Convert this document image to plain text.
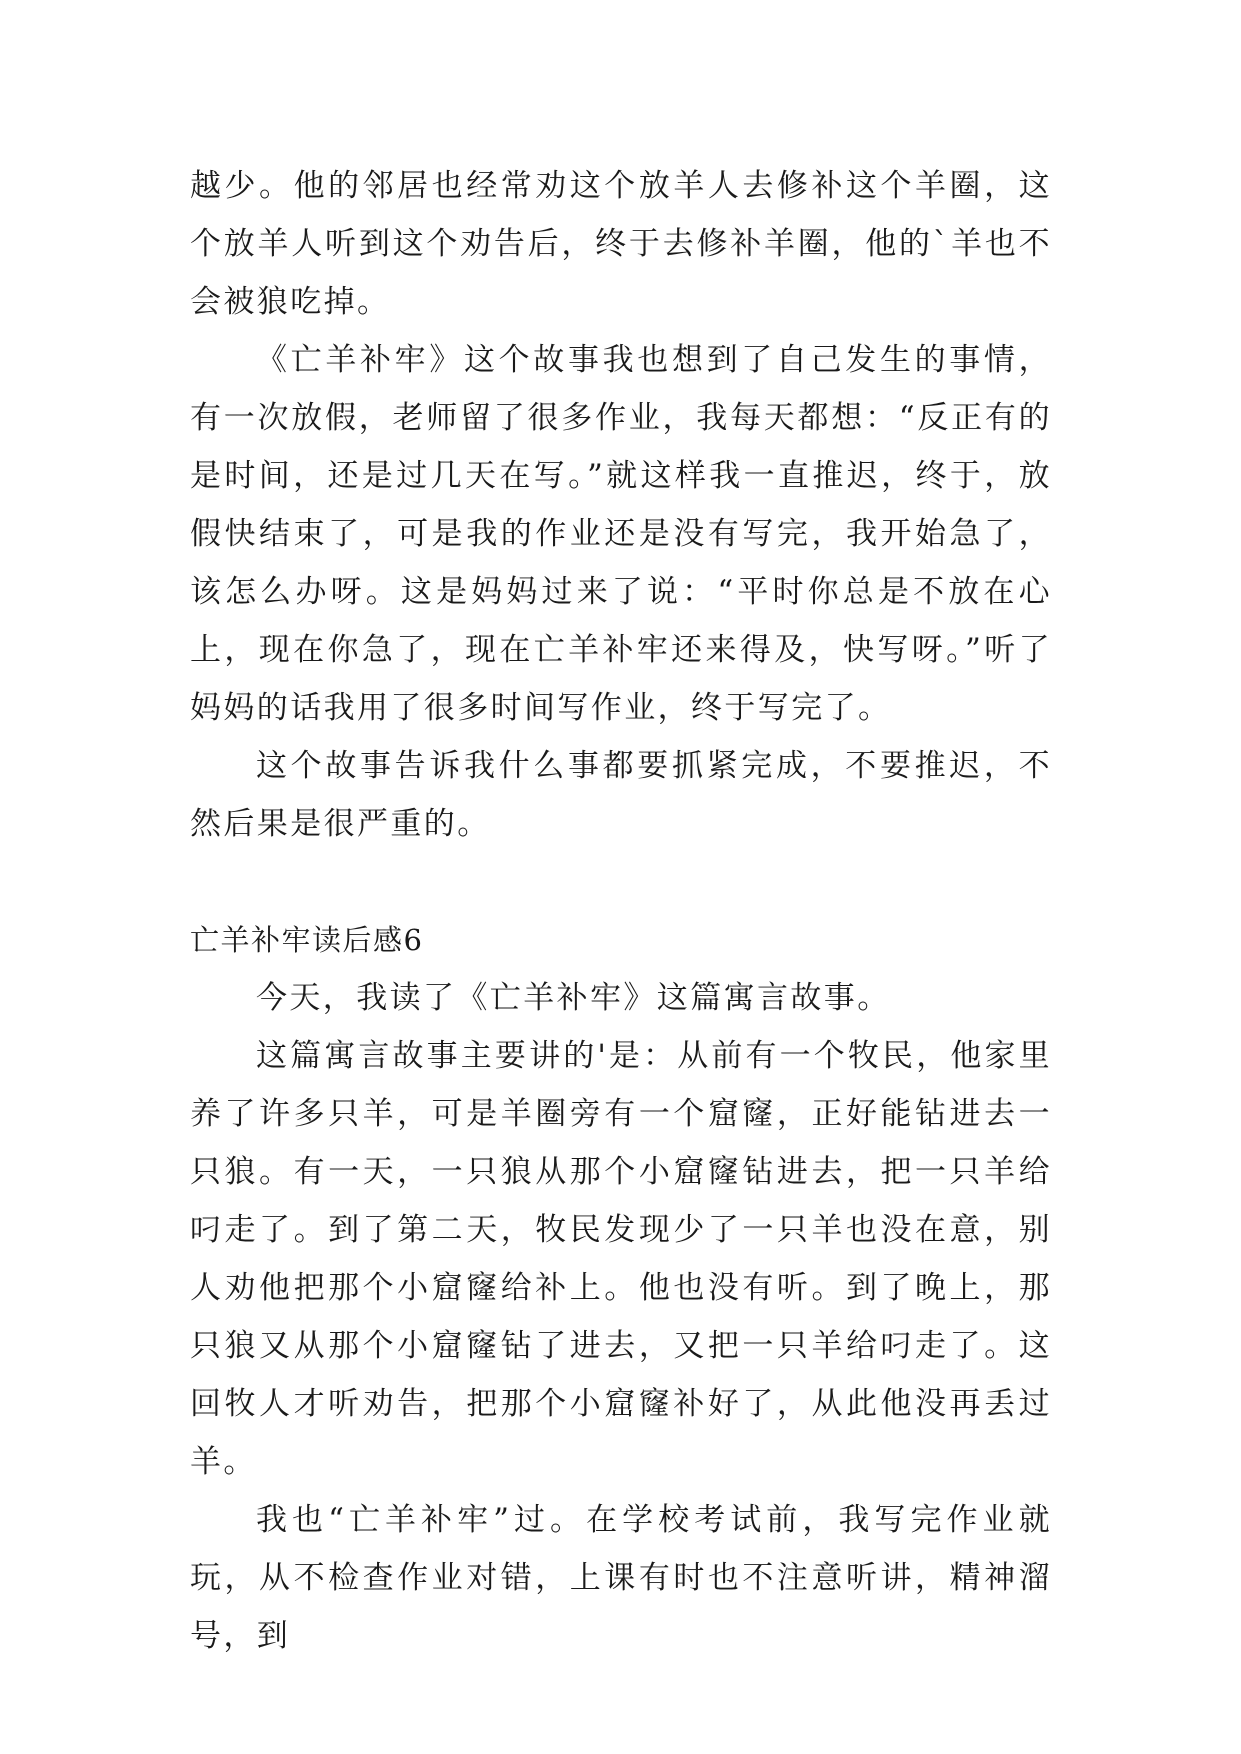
越少。他的邻居也经常劝这个放羊人去修补这个羊圈，这个放羊人听到这个劝告后，终于去修补羊圈，他的`羊也不会被狼吃掉。

《亡羊补牢》这个故事我也想到了自己发生的事情，有一次放假，老师留了很多作业，我每天都想：“反正有的是时间，还是过几天在写。”就这样我一直推迟，终于，放假快结束了，可是我的作业还是没有写完，我开始急了，该怎么办呀。这是妈妈过来了说：“平时你总是不放在心上，现在你急了，现在亡羊补牢还来得及，快写呀。”听了妈妈的话我用了很多时间写作业，终于写完了。

这个故事告诉我什么事都要抓紧完成，不要推迟，不然后果是很严重的。

亡羊补牢读后感6

今天，我读了《亡羊补牢》这篇寓言故事。

这篇寓言故事主要讲的'是：从前有一个牧民，他家里养了许多只羊，可是羊圈旁有一个窟窿，正好能钻进去一只狼。有一天，一只狼从那个小窟窿钻进去，把一只羊给叼走了。到了第二天，牧民发现少了一只羊也没在意，别人劝他把那个小窟窿给补上。他也没有听。到了晚上，那只狼又从那个小窟窿钻了进去，又把一只羊给叼走了。这回牧人才听劝告，把那个小窟窿补好了，从此他没再丢过羊。

我也“亡羊补牢”过。在学校考试前，我写完作业就玩，从不检查作业对错，上课有时也不注意听讲，精神溜号，到
